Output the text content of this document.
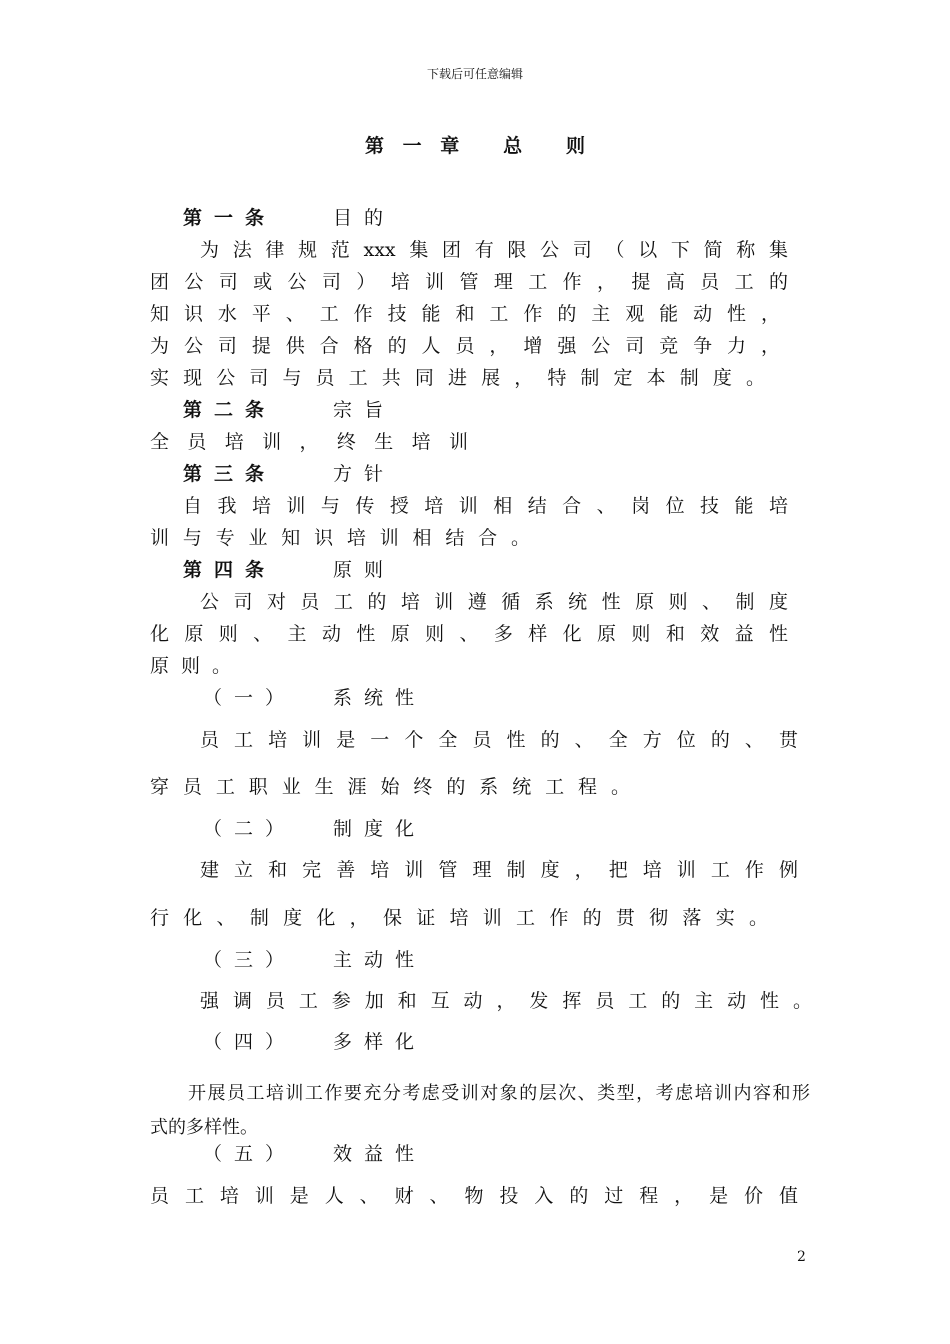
下载后可任意编辑
第一章 总 则
第一条	目的
为法律规范xxx集团有限公司（以下简称集
团公司或公司）培训管理工作，提高员工的
知识水平、工作技能和工作的主观能动性，
为公司提供合格的人员，增强公司竞争力，
实现公司与员工共同进展，特制定本制度。
第二条	宗旨
全员培训，终生培训
第三条	方针
自我培训与传授培训相结合、岗位技能培
训与专业知识培训相结合。
第四条	原则
公司对员工的培训遵循系统性原则、制度
化原则、主动性原则、多样化原则和效益性
原则。
（一） 系统性
员工培训是一个全员性的、全方位的、贯
穿员工职业生涯始终的系统工程。
（二） 制度化
建立和完善培训管理制度，把培训工作例
行化、制度化，保证培训工作的贯彻落实。
（三） 主动性
强调员工参加和互动，发挥员工的主动性。
（四） 多样化
开展员工培训工作要充分考虑受训对象的层次、类型，考虑培训内容和形
式的多样性。
（五） 效益性
员工培训是人、财、物投入的过程，是价值
2
